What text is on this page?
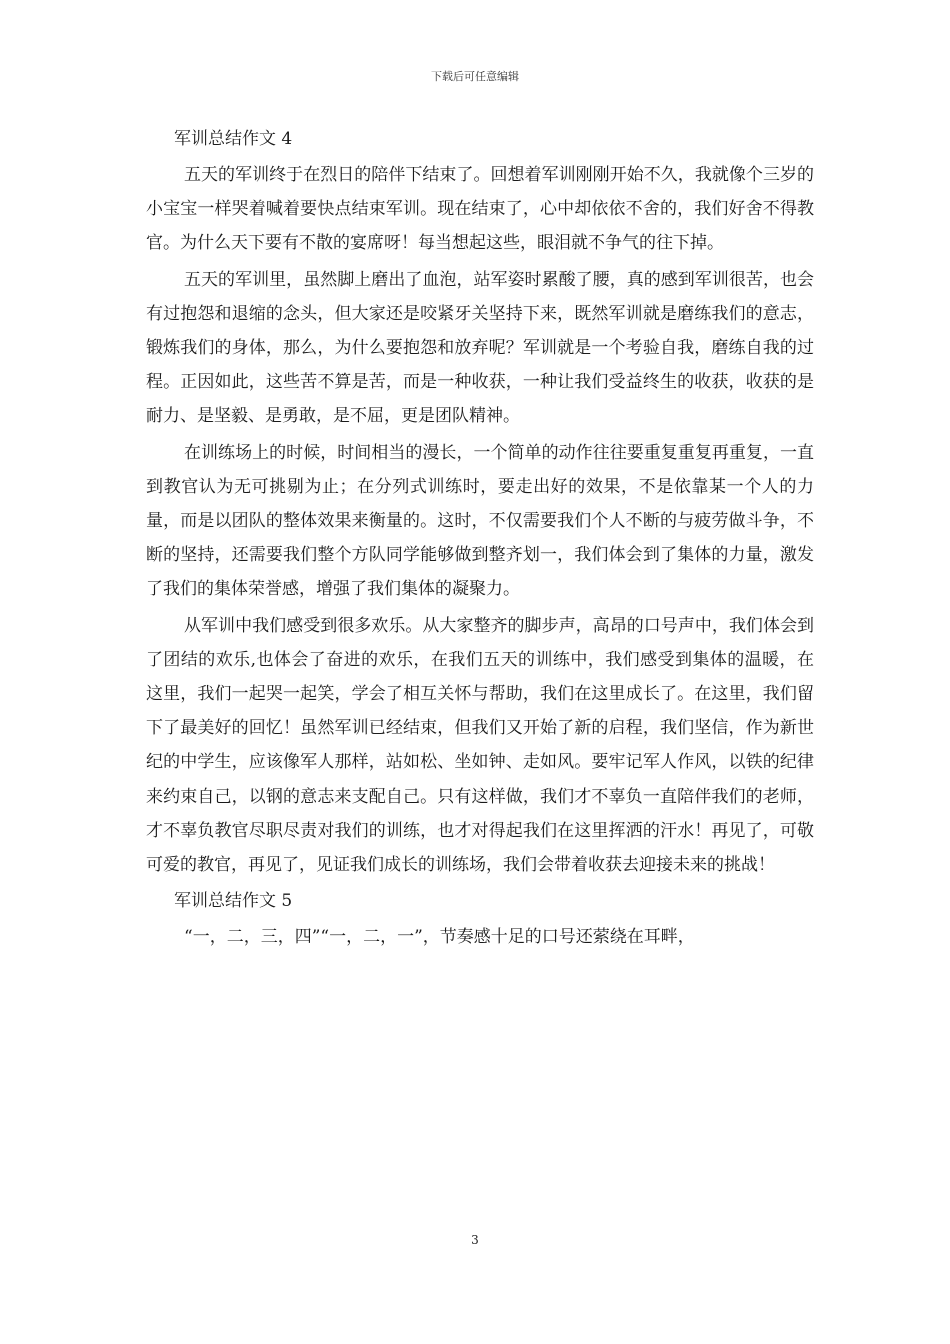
下载后可任意编辑
军训总结作文 4

五天的军训终于在烈日的陪伴下结束了。回想着军训刚刚开始不久，我就像个三岁的小宝宝一样哭着喊着要快点结束军训。现在结束了，心中却依依不舍的，我们好舍不得教官。为什么天下要有不散的宴席呀！每当想起这些，眼泪就不争气的往下掉。

五天的军训里，虽然脚上磨出了血泡，站军姿时累酸了腰，真的感到军训很苦，也会有过抱怨和退缩的念头，但大家还是咬紧牙关坚持下来，既然军训就是磨练我们的意志，锻炼我们的身体，那么，为什么要抱怨和放弃呢？军训就是一个考验自我，磨练自我的过程。正因如此，这些苦不算是苦，而是一种收获，一种让我们受益终生的收获，收获的是耐力、是坚毅、是勇敢，是不屈，更是团队精神。

在训练场上的时候，时间相当的漫长，一个简单的动作往往要重复重复再重复，一直到教官认为无可挑剔为止；在分列式训练时，要走出好的效果，不是依靠某一个人的力量，而是以团队的整体效果来衡量的。这时，不仅需要我们个人不断的与疲劳做斗争，不断的坚持，还需要我们整个方队同学能够做到整齐划一，我们体会到了集体的力量，激发了我们的集体荣誉感，增强了我们集体的凝聚力。

从军训中我们感受到很多欢乐。从大家整齐的脚步声，高昂的口号声中，我们体会到了团结的欢乐,也体会了奋进的欢乐，在我们五天的训练中，我们感受到集体的温暖，在这里，我们一起哭一起笑，学会了相互关怀与帮助，我们在这里成长了。在这里，我们留下了最美好的回忆！虽然军训已经结束，但我们又开始了新的启程，我们坚信，作为新世纪的中学生，应该像军人那样，站如松、坐如钟、走如风。要牢记军人作风，以铁的纪律来约束自己，以钢的意志来支配自己。只有这样做，我们才不辜负一直陪伴我们的老师，才不辜负教官尽职尽责对我们的训练，也才对得起我们在这里挥洒的汗水！再见了，可敬可爱的教官，再见了，见证我们成长的训练场，我们会带着收获去迎接未来的挑战！

军训总结作文 5

“一，二，三，四”“一，二，一”，节奏感十足的口号还萦绕在耳畔，

3
